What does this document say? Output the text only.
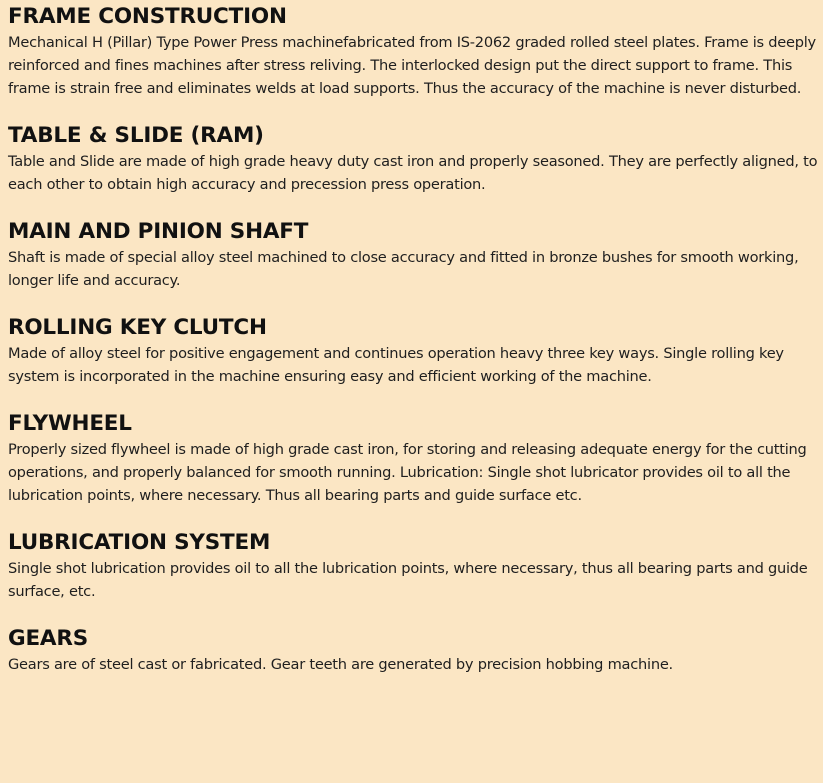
FRAME CONSTRUCTION

Mechanical H (Pillar) Type Power Press machinefabricated from IS-2062 graded rolled steel plates. Frame is deeply reinforced and fines machines after stress reliving. The interlocked design put the direct support to frame. This frame is strain free and eliminates welds at load supports. Thus the accuracy of the machine is never disturbed.

TABLE & SLIDE (RAM)

Table and Slide are made of high grade heavy duty cast iron and properly seasoned. They are perfectly aligned, to each other to obtain high accuracy and precession press operation.

MAIN AND PINION SHAFT

Shaft is made of special alloy steel machined to close accuracy and fitted in bronze bushes for smooth working, longer life and accuracy.

ROLLING KEY CLUTCH

Made of alloy steel for positive engagement and continues operation heavy three key ways. Single rolling key system is incorporated in the machine ensuring easy and efficient working of the machine.

FLYWHEEL

Properly sized flywheel is made of high grade cast iron, for storing and releasing adequate energy for the cutting operations, and properly balanced for smooth running. Lubrication: Single shot lubricator provides oil to all the lubrication points, where necessary. Thus all bearing parts and guide surface etc.

LUBRICATION SYSTEM

Single shot lubrication provides oil to all the lubrication points, where necessary, thus all bearing parts and guide surface, etc.

GEARS

Gears are of steel cast or fabricated. Gear teeth are generated by precision hobbing machine.
